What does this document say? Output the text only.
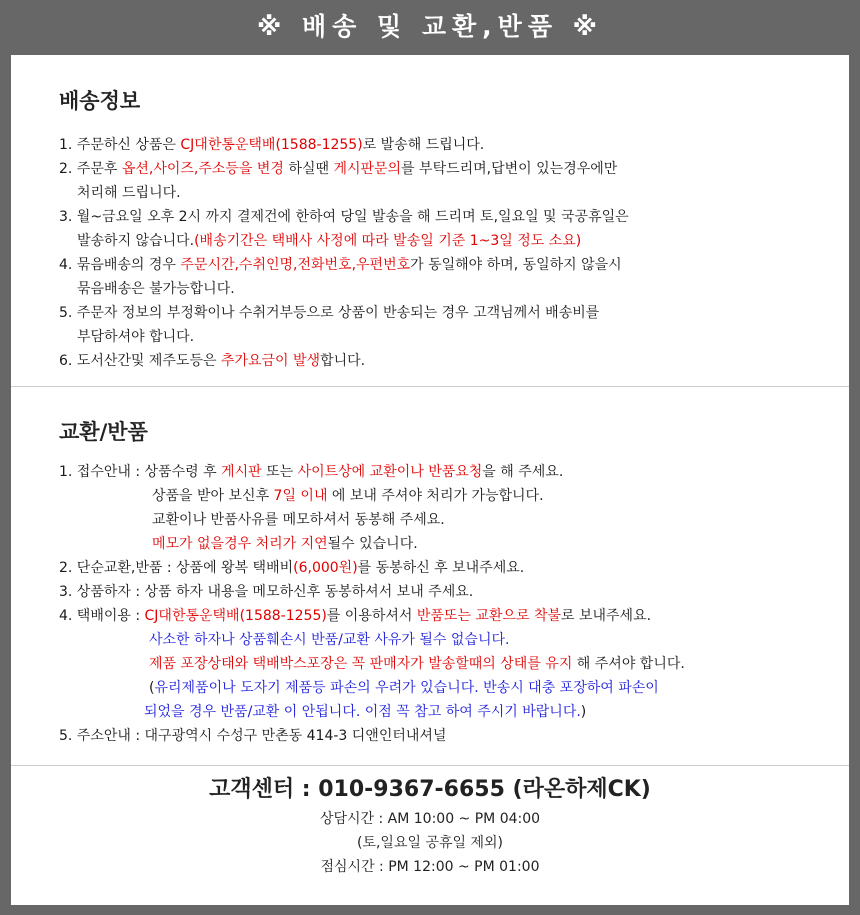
※ 배송 및 교환,반품 ※
배송정보
1. 주문하신 상품은 CJ대한통운택배(1588-1255)로 발송해 드립니다.
2. 주문후 옵션,사이즈,주소등을 변경 하실땐 게시판문의를 부탁드리며,답변이 있는경우에만
처리해 드립니다.
3. 월~금요일 오후 2시 까지 결제건에 한하여 당일 발송을 해 드리며 토,일요일 및 국공휴일은
발송하지 않습니다.(배송기간은 택배사 사정에 따라 발송일 기준 1~3일 정도 소요)
4. 묶음배송의 경우 주문시간,수취인명,전화번호,우편번호가 동일해야 하며, 동일하지 않을시
묶음배송은 불가능합니다.
5. 주문자 정보의 부정확이나 수취거부등으로 상품이 반송되는 경우 고객님께서 배송비를
부담하셔야 합니다.
6. 도서산간및 제주도등은 추가요금이 발생합니다.
교환/반품
1. 접수안내 : 상품수령 후 게시판 또는 사이트상에 교환이나 반품요청을 해 주세요.
상품을 받아 보신후 7일 이내 에 보내 주셔야 처리가 가능합니다.
교환이나 반품사유를 메모하셔서 동봉해 주세요.
메모가 없을경우 처리가 지연될수 있습니다.
2. 단순교환,반품 : 상품에 왕복 택배비(6,000원)를 동봉하신 후 보내주세요.
3. 상품하자 : 상품 하자 내용을 메모하신후 동봉하셔서 보내 주세요.
4. 택배이용 : CJ대한통운택배(1588-1255)를 이용하셔서 반품또는 교환으로 착불로 보내주세요.
사소한 하자나 상품훼손시 반품/교환 사유가 될수 없습니다.
제품 포장상태와 택배박스포장은 꼭 판매자가 발송할때의 상태를 유지 해 주셔야 합니다.
(유리제품이나 도자기 제품등 파손의 우려가 있습니다. 반송시 대충 포장하여 파손이
되었을 경우 반품/교환 이 안됩니다. 이점 꼭 참고 하여 주시기 바랍니다.)
5. 주소안내 : 대구광역시 수성구 만촌동 414-3 디앤인터내셔널
고객센터 : 010-9367-6655 (라온하제CK)
상담시간 : AM 10:00 ~ PM 04:00
(토,일요일 공휴일 제외)
점심시간 : PM 12:00 ~ PM 01:00
